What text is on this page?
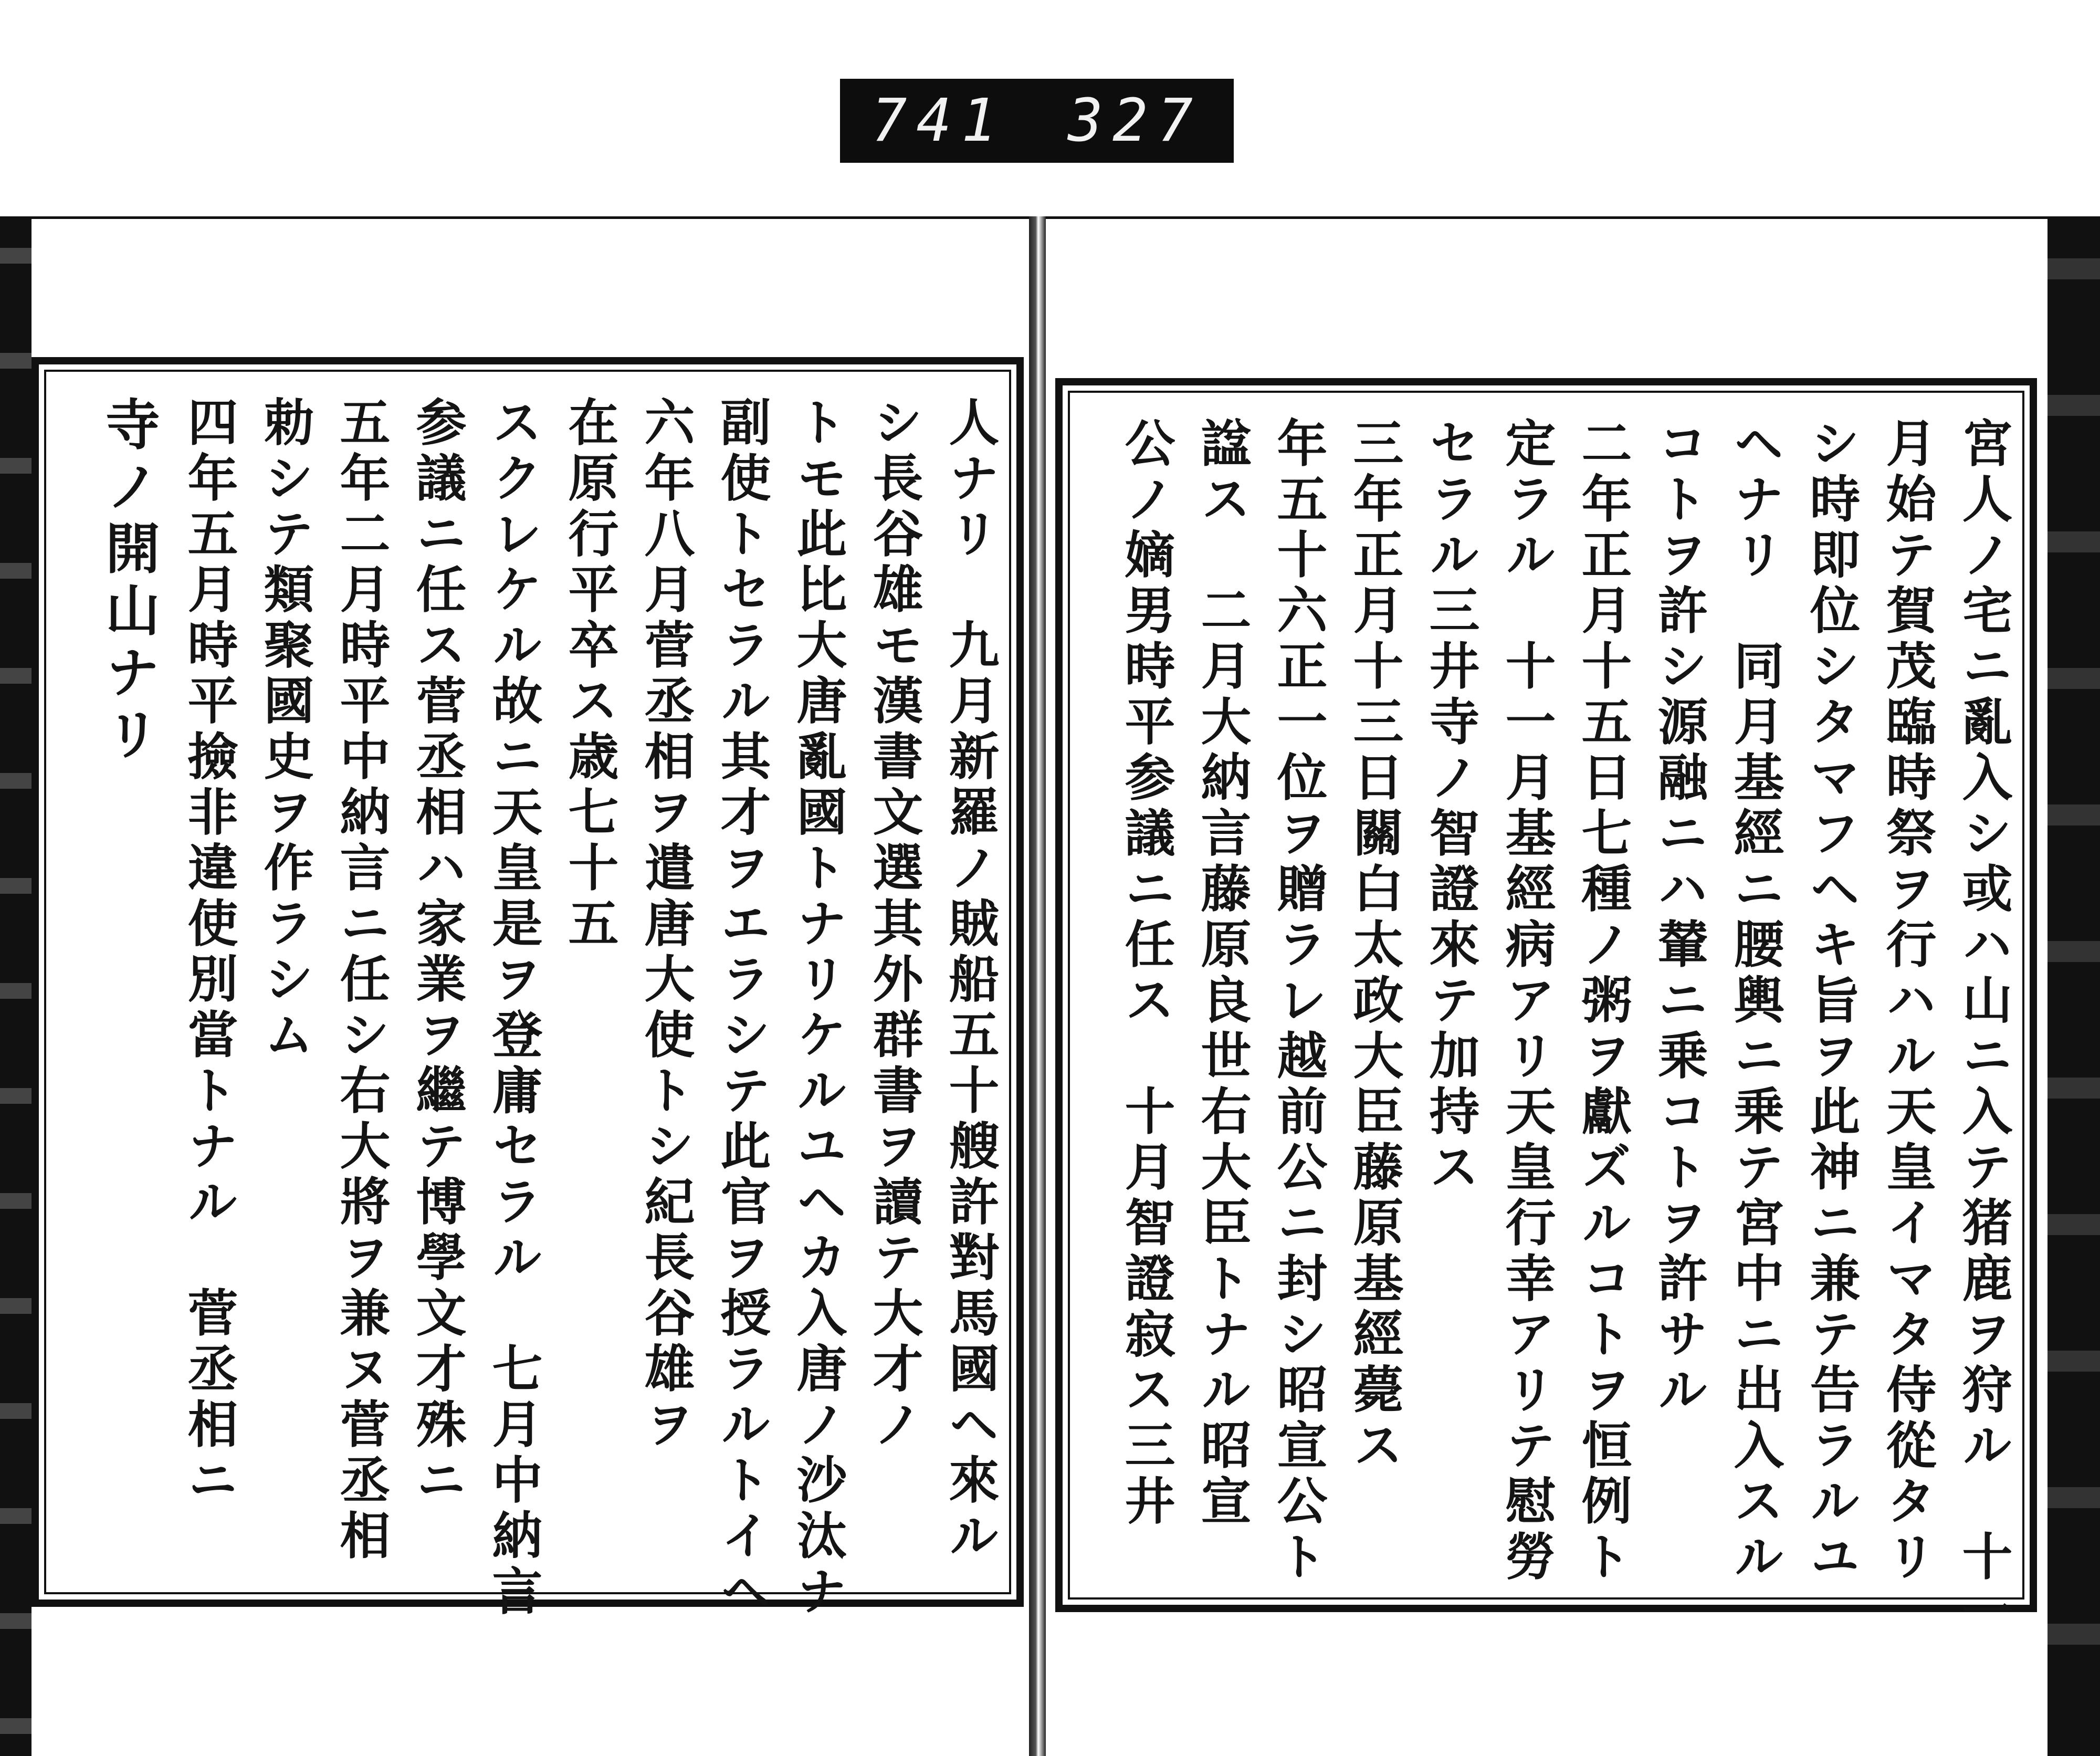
741 327
寺ノ開山ナリ 四年五月時平撿非違使別當トナル　菅丞相ニ 勅シテ類聚國史ヲ作ラシム 五年二月時平中納言ニ任シ右大將ヲ兼ヌ菅丞相 参議ニ任ス菅丞相ハ家業ヲ繼テ博學文才殊ニ スクレケル故ニ天皇是ヲ登庸セラル　七月中納言 在原行平卒ス歳七十五 六年八月菅丞相ヲ遣唐大使トシ紀長谷雄ヲ 副使トセラル其才ヲエラシテ此官ヲ授ラルトイヘ トモ此比大唐亂國トナリケルユヘカ入唐ノ沙汰ナ シ長谷雄モ漢書文選其外群書ヲ讀テ大才ノ 人ナリ　九月新羅ノ賊船五十艘許對馬國ヘ來ル	宮人ノ宅ニ亂入シ或ハ山ニ入テ猪鹿ヲ狩ル　十一
月始テ賀茂臨時祭ヲ行ハル天皇イマタ侍從タリ
シ時即位シタマフヘキ旨ヲ此神ニ兼テ告ラルユ
ヘナリ　同月基經ニ腰輿ニ乗テ宮中ニ出入スル
コトヲ許シ源融ニハ輦ニ乗コトヲ許サル
二年正月十五日七種ノ粥ヲ獻ズルコトヲ恒例ト
定ラル　十一月基經病アリ天皇行幸アリテ慰勞
セラル三井寺ノ智證來テ加持ス
三年正月十三日關白太政大臣藤原基經薨ス
年五十六正一位ヲ贈ラレ越前公ニ封シ昭宣公ト
諡ス　二月大納言藤原良世右大臣トナル昭宣
公ノ嫡男時平参議ニ任ス　十月智證寂ス三井
